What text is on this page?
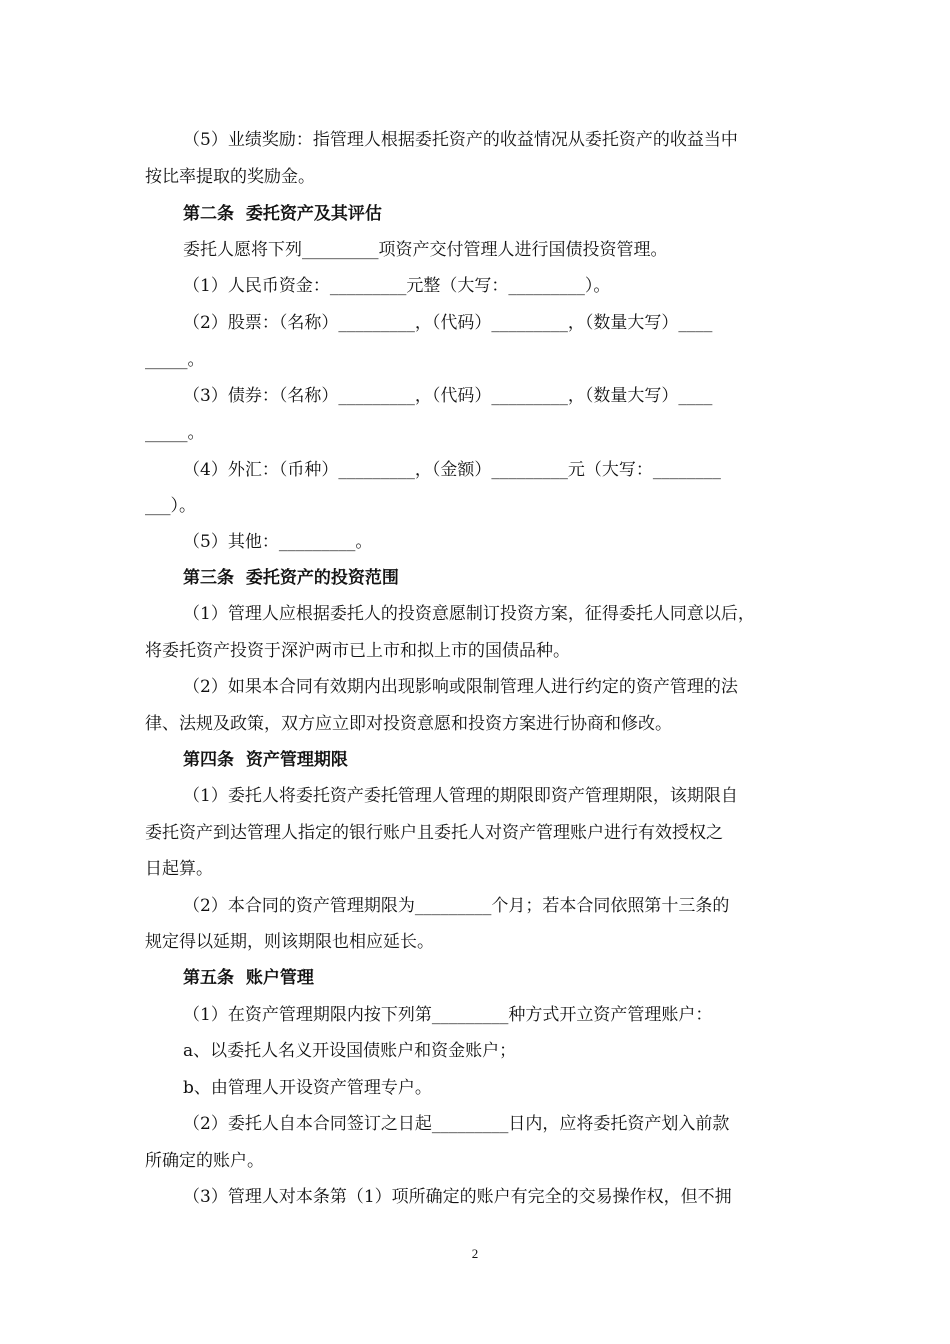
（5）业绩奖励：指管理人根据委托资产的收益情况从委托资产的收益当中
按比率提取的奖励金。
第二条  委托资产及其评估
委托人愿将下列_________项资产交付管理人进行国债投资管理。
（1）人民币资金：_________元整（大写：_________）。
（2）股票：（名称）_________，（代码）_________，（数量大写）____
_____。
（3）债券：（名称）_________，（代码）_________，（数量大写）____
_____。
（4）外汇：（币种）_________，（金额）_________元（大写：________
___）。
（5）其他：_________。
第三条  委托资产的投资范围
（1）管理人应根据委托人的投资意愿制订投资方案，征得委托人同意以后，
将委托资产投资于深沪两市已上市和拟上市的国债品种。
（2）如果本合同有效期内出现影响或限制管理人进行约定的资产管理的法
律、法规及政策，双方应立即对投资意愿和投资方案进行协商和修改。
第四条  资产管理期限
（1）委托人将委托资产委托管理人管理的期限即资产管理期限，该期限自
委托资产到达管理人指定的银行账户且委托人对资产管理账户进行有效授权之
日起算。
（2）本合同的资产管理期限为_________个月；若本合同依照第十三条的
规定得以延期，则该期限也相应延长。
第五条  账户管理
（1）在资产管理期限内按下列第_________种方式开立资产管理账户：
a、以委托人名义开设国债账户和资金账户；
b、由管理人开设资产管理专户。
（2）委托人自本合同签订之日起_________日内，应将委托资产划入前款
所确定的账户。
（3）管理人对本条第（1）项所确定的账户有完全的交易操作权，但不拥
2
